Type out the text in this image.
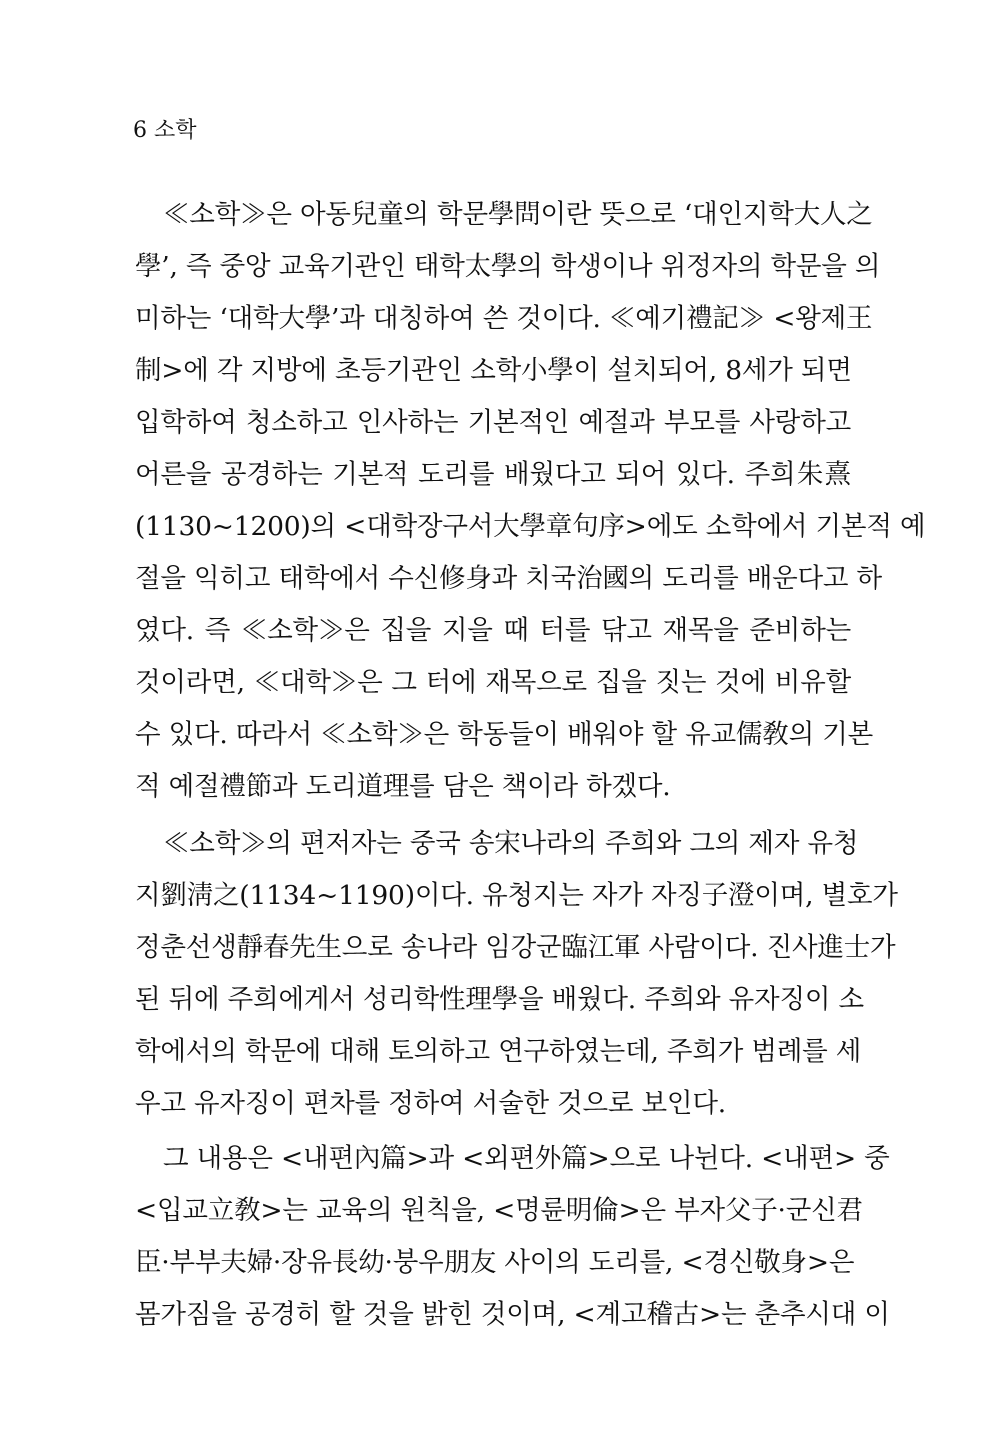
6 소학
≪소학≫은 아동兒童의 학문學問이란 뜻으로 ‘대인지학大人之
學’, 즉 중앙 교육기관인 태학太學의 학생이나 위정자의 학문을 의
미하는 ‘대학大學’과 대칭하여 쓴 것이다. ≪예기禮記≫ <왕제王
制>에 각 지방에 초등기관인 소학小學이 설치되어, 8세가 되면
입학하여 청소하고 인사하는 기본적인 예절과 부모를 사랑하고
어른을 공경하는 기본적 도리를 배웠다고 되어 있다. 주희朱熹
(1130~1200)의 <대학장구서大學章句序>에도 소학에서 기본적 예
절을 익히고 태학에서 수신修身과 치국治國의 도리를 배운다고 하
였다. 즉 ≪소학≫은 집을 지을 때 터를 닦고 재목을 준비하는
것이라면, ≪대학≫은 그 터에 재목으로 집을 짓는 것에 비유할
수 있다. 따라서 ≪소학≫은 학동들이 배워야 할 유교儒敎의 기본
적 예절禮節과 도리道理를 담은 책이라 하겠다.
≪소학≫의 편저자는 중국 송宋나라의 주희와 그의 제자 유청
지劉淸之(1134~1190)이다. 유청지는 자가 자징子澄이며, 별호가
정춘선생靜春先生으로 송나라 임강군臨江軍 사람이다. 진사進士가
된 뒤에 주희에게서 성리학性理學을 배웠다. 주희와 유자징이 소
학에서의 학문에 대해 토의하고 연구하였는데, 주희가 범례를 세
우고 유자징이 편차를 정하여 서술한 것으로 보인다.
그 내용은 <내편內篇>과 <외편外篇>으로 나뉜다. <내편> 중
<입교立敎>는 교육의 원칙을, <명륜明倫>은 부자父子·군신君
臣·부부夫婦·장유長幼·붕우朋友 사이의 도리를, <경신敬身>은
몸가짐을 공경히 할 것을 밝힌 것이며, <계고稽古>는 춘추시대 이
